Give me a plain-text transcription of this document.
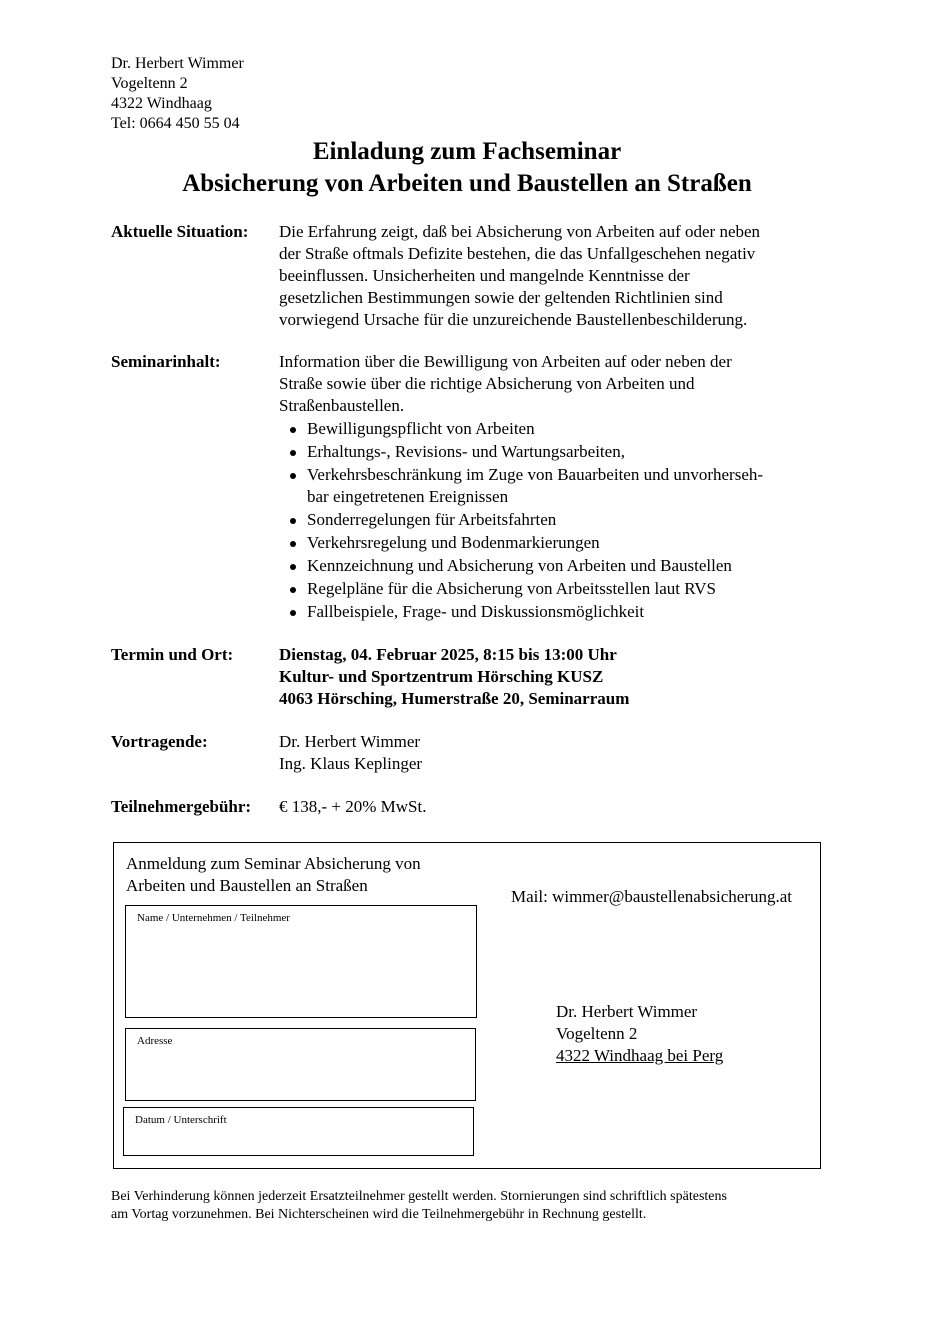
Dr. Herbert Wimmer
Vogeltenn 2
4322 Windhaag
Tel: 0664 450 55 04
Einladung zum Fachseminar
Absicherung von Arbeiten und Baustellen an Straßen
Aktuelle Situation: Die Erfahrung zeigt, daß bei Absicherung von Arbeiten auf oder neben

der Straße oftmals Defizite bestehen, die das Unfallgeschehen negativ

beeinflussen. Unsicherheiten und mangelnde Kenntnisse der

gesetzlichen Bestimmungen sowie der geltenden Richtlinien sind

vorwiegend Ursache für die unzureichende Baustellenbeschilderung.

Seminarinhalt:	Information über die Bewilligung von Arbeiten auf oder neben der

Straße sowie über die richtige Absicherung von Arbeiten und

Straßenbaustellen.

Bewilligungspflicht von Arbeiten
Erhaltungs-, Revisions- und Wartungsarbeiten,
Verkehrsbeschränkung im Zuge von Bauarbeiten und unvorherseh-
bar eingetretenen Ereignissen
Sonderregelungen für Arbeitsfahrten
Verkehrsregelung und Bodenmarkierungen
Kennzeichnung und Absicherung von Arbeiten und Baustellen
Regelpläne für die Absicherung von Arbeitsstellen laut RVS
Fallbeispiele, Frage- und Diskussionsmöglichkeit
Termin und Ort:	Dienstag, 04. Februar 2025, 8:15 bis 13:00 Uhr
Kultur- und Sportzentrum Hörsching KUSZ
4063 Hörsching, Humerstraße 20, Seminarraum
Vortragende:	Dr. Herbert Wimmer
Ing. Klaus Keplinger
Teilnehmergebühr: € 138,- + 20% MwSt.
Anmeldung zum Seminar Absicherung von
Arbeiten und Baustellen an Straßen
Mail: wimmer@baustellenabsicherung.at
Name / Unternehmen / Teilnehmer
Adresse
Datum / Unterschrift
Dr. Herbert Wimmer
Vogeltenn 2
4322 Windhaag bei Perg
Bei Verhinderung können jederzeit Ersatzteilnehmer gestellt werden. Stornierungen sind schriftlich spätestens
am Vortag vorzunehmen. Bei Nichterscheinen wird die Teilnehmergebühr in Rechnung gestellt.
